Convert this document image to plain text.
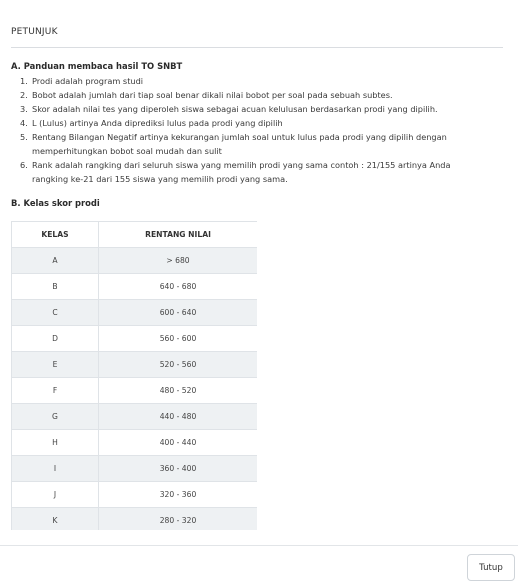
PETUNJUK
A. Panduan membaca hasil TO SNBT
1. Prodi adalah program studi
2. Bobot adalah jumlah dari tiap soal benar dikali nilai bobot per soal pada sebuah subtes.
3. Skor adalah nilai tes yang diperoleh siswa sebagai acuan kelulusan berdasarkan prodi yang dipilih.
4. L (Lulus) artinya Anda diprediksi lulus pada prodi yang dipilih
5. Rentang Bilangan Negatif artinya kekurangan jumlah soal untuk lulus pada prodi yang dipilih dengan memperhitungkan bobot soal mudah dan sulit
6. Rank adalah rangking dari seluruh siswa yang memilih prodi yang sama contoh : 21/155 artinya Anda rangking ke-21 dari 155 siswa yang memilih prodi yang sama.
B. Kelas skor prodi
KELAS	RENTANG NILAI
A	> 680
B	640 - 680
C	600 - 640
D	560 - 600
E	520 - 560
F	480 - 520
G	440 - 480
H	400 - 440
I	360 - 400
J	320 - 360
K	280 - 320
Tutup
